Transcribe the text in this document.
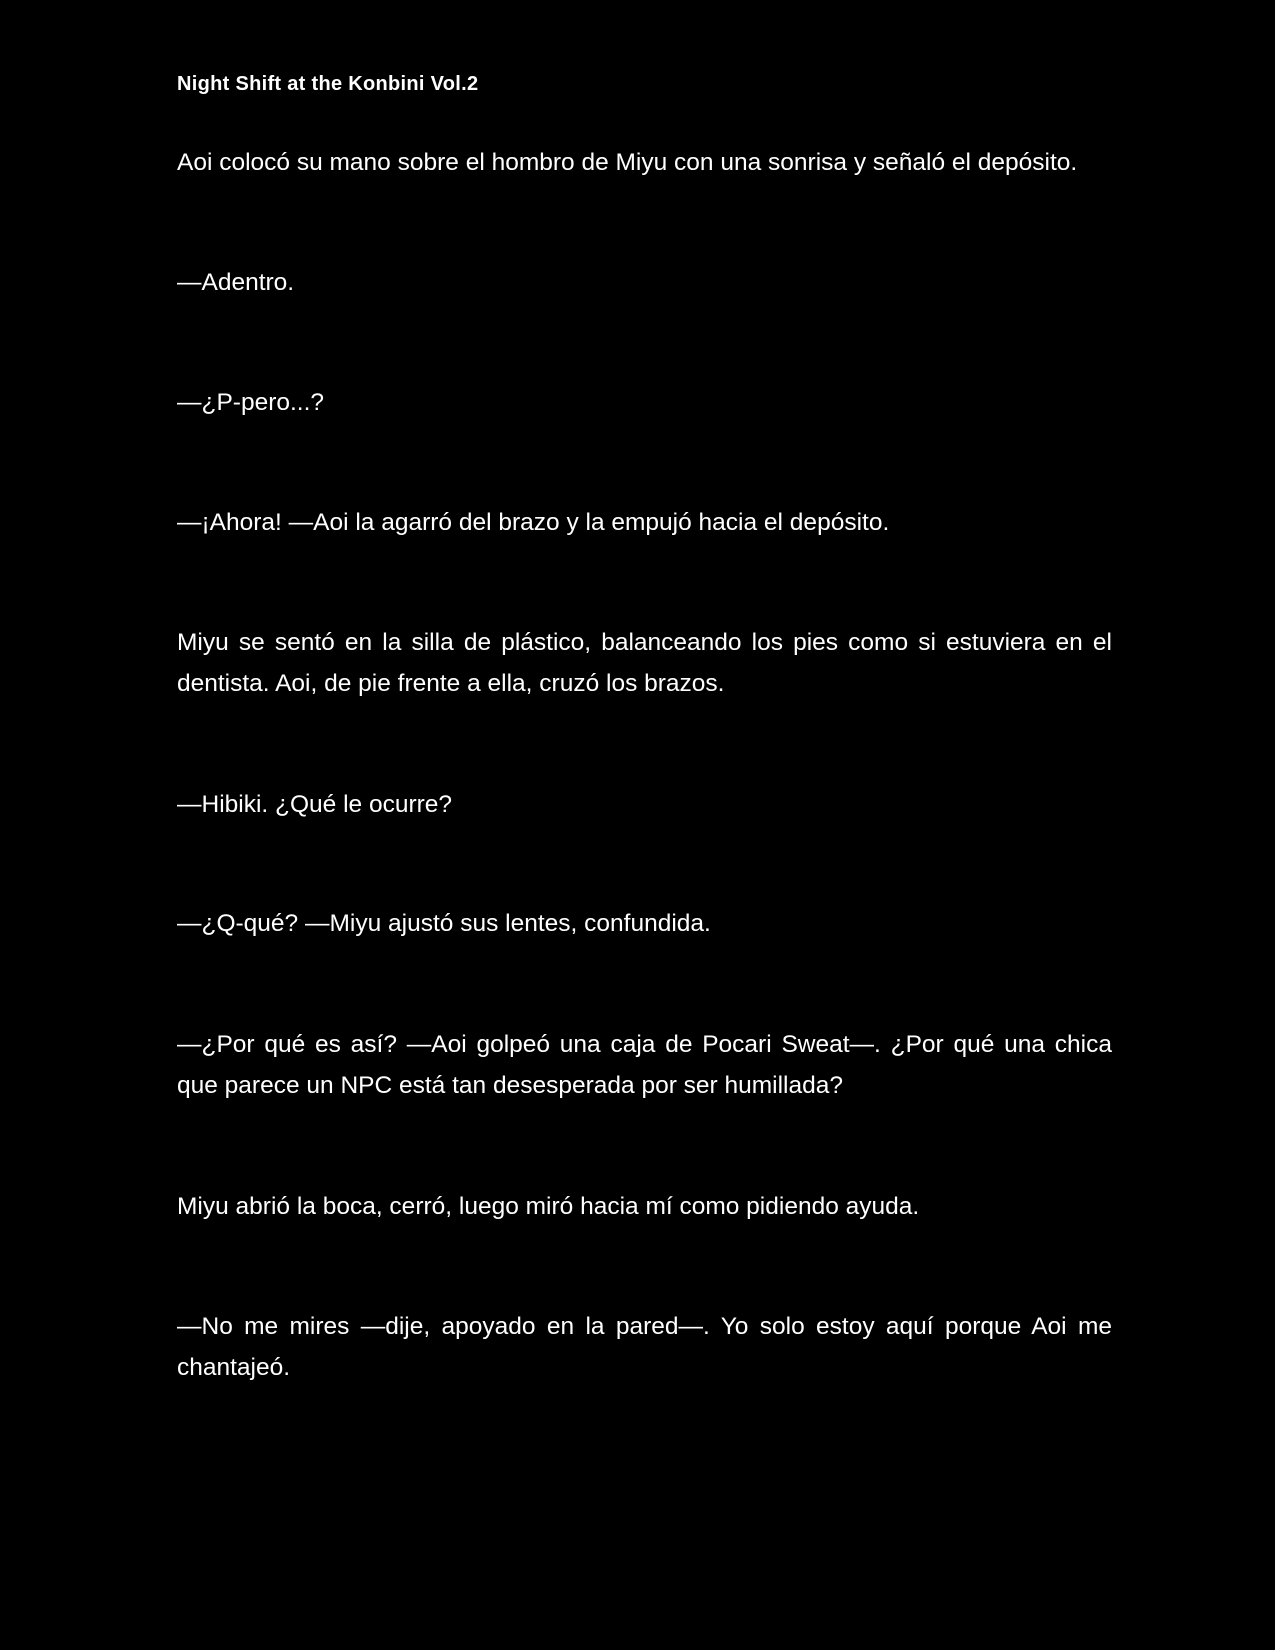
Night Shift at the Konbini Vol.2

Aoi colocó su mano sobre el hombro de Miyu con una sonrisa y señaló el depósito.

—Adentro.

—¿P-pero...?

—¡Ahora! —Aoi la agarró del brazo y la empujó hacia el depósito.

Miyu se sentó en la silla de plástico, balanceando los pies como si estuviera en el dentista. Aoi, de pie frente a ella, cruzó los brazos.

—Hibiki. ¿Qué le ocurre?

—¿Q-qué? —Miyu ajustó sus lentes, confundida.

—¿Por qué es así? —Aoi golpeó una caja de Pocari Sweat—. ¿Por qué una chica que parece un NPC está tan desesperada por ser humillada?

Miyu abrió la boca, cerró, luego miró hacia mí como pidiendo ayuda.

—No me mires —dije, apoyado en la pared—. Yo solo estoy aquí porque Aoi me chantajeó.
